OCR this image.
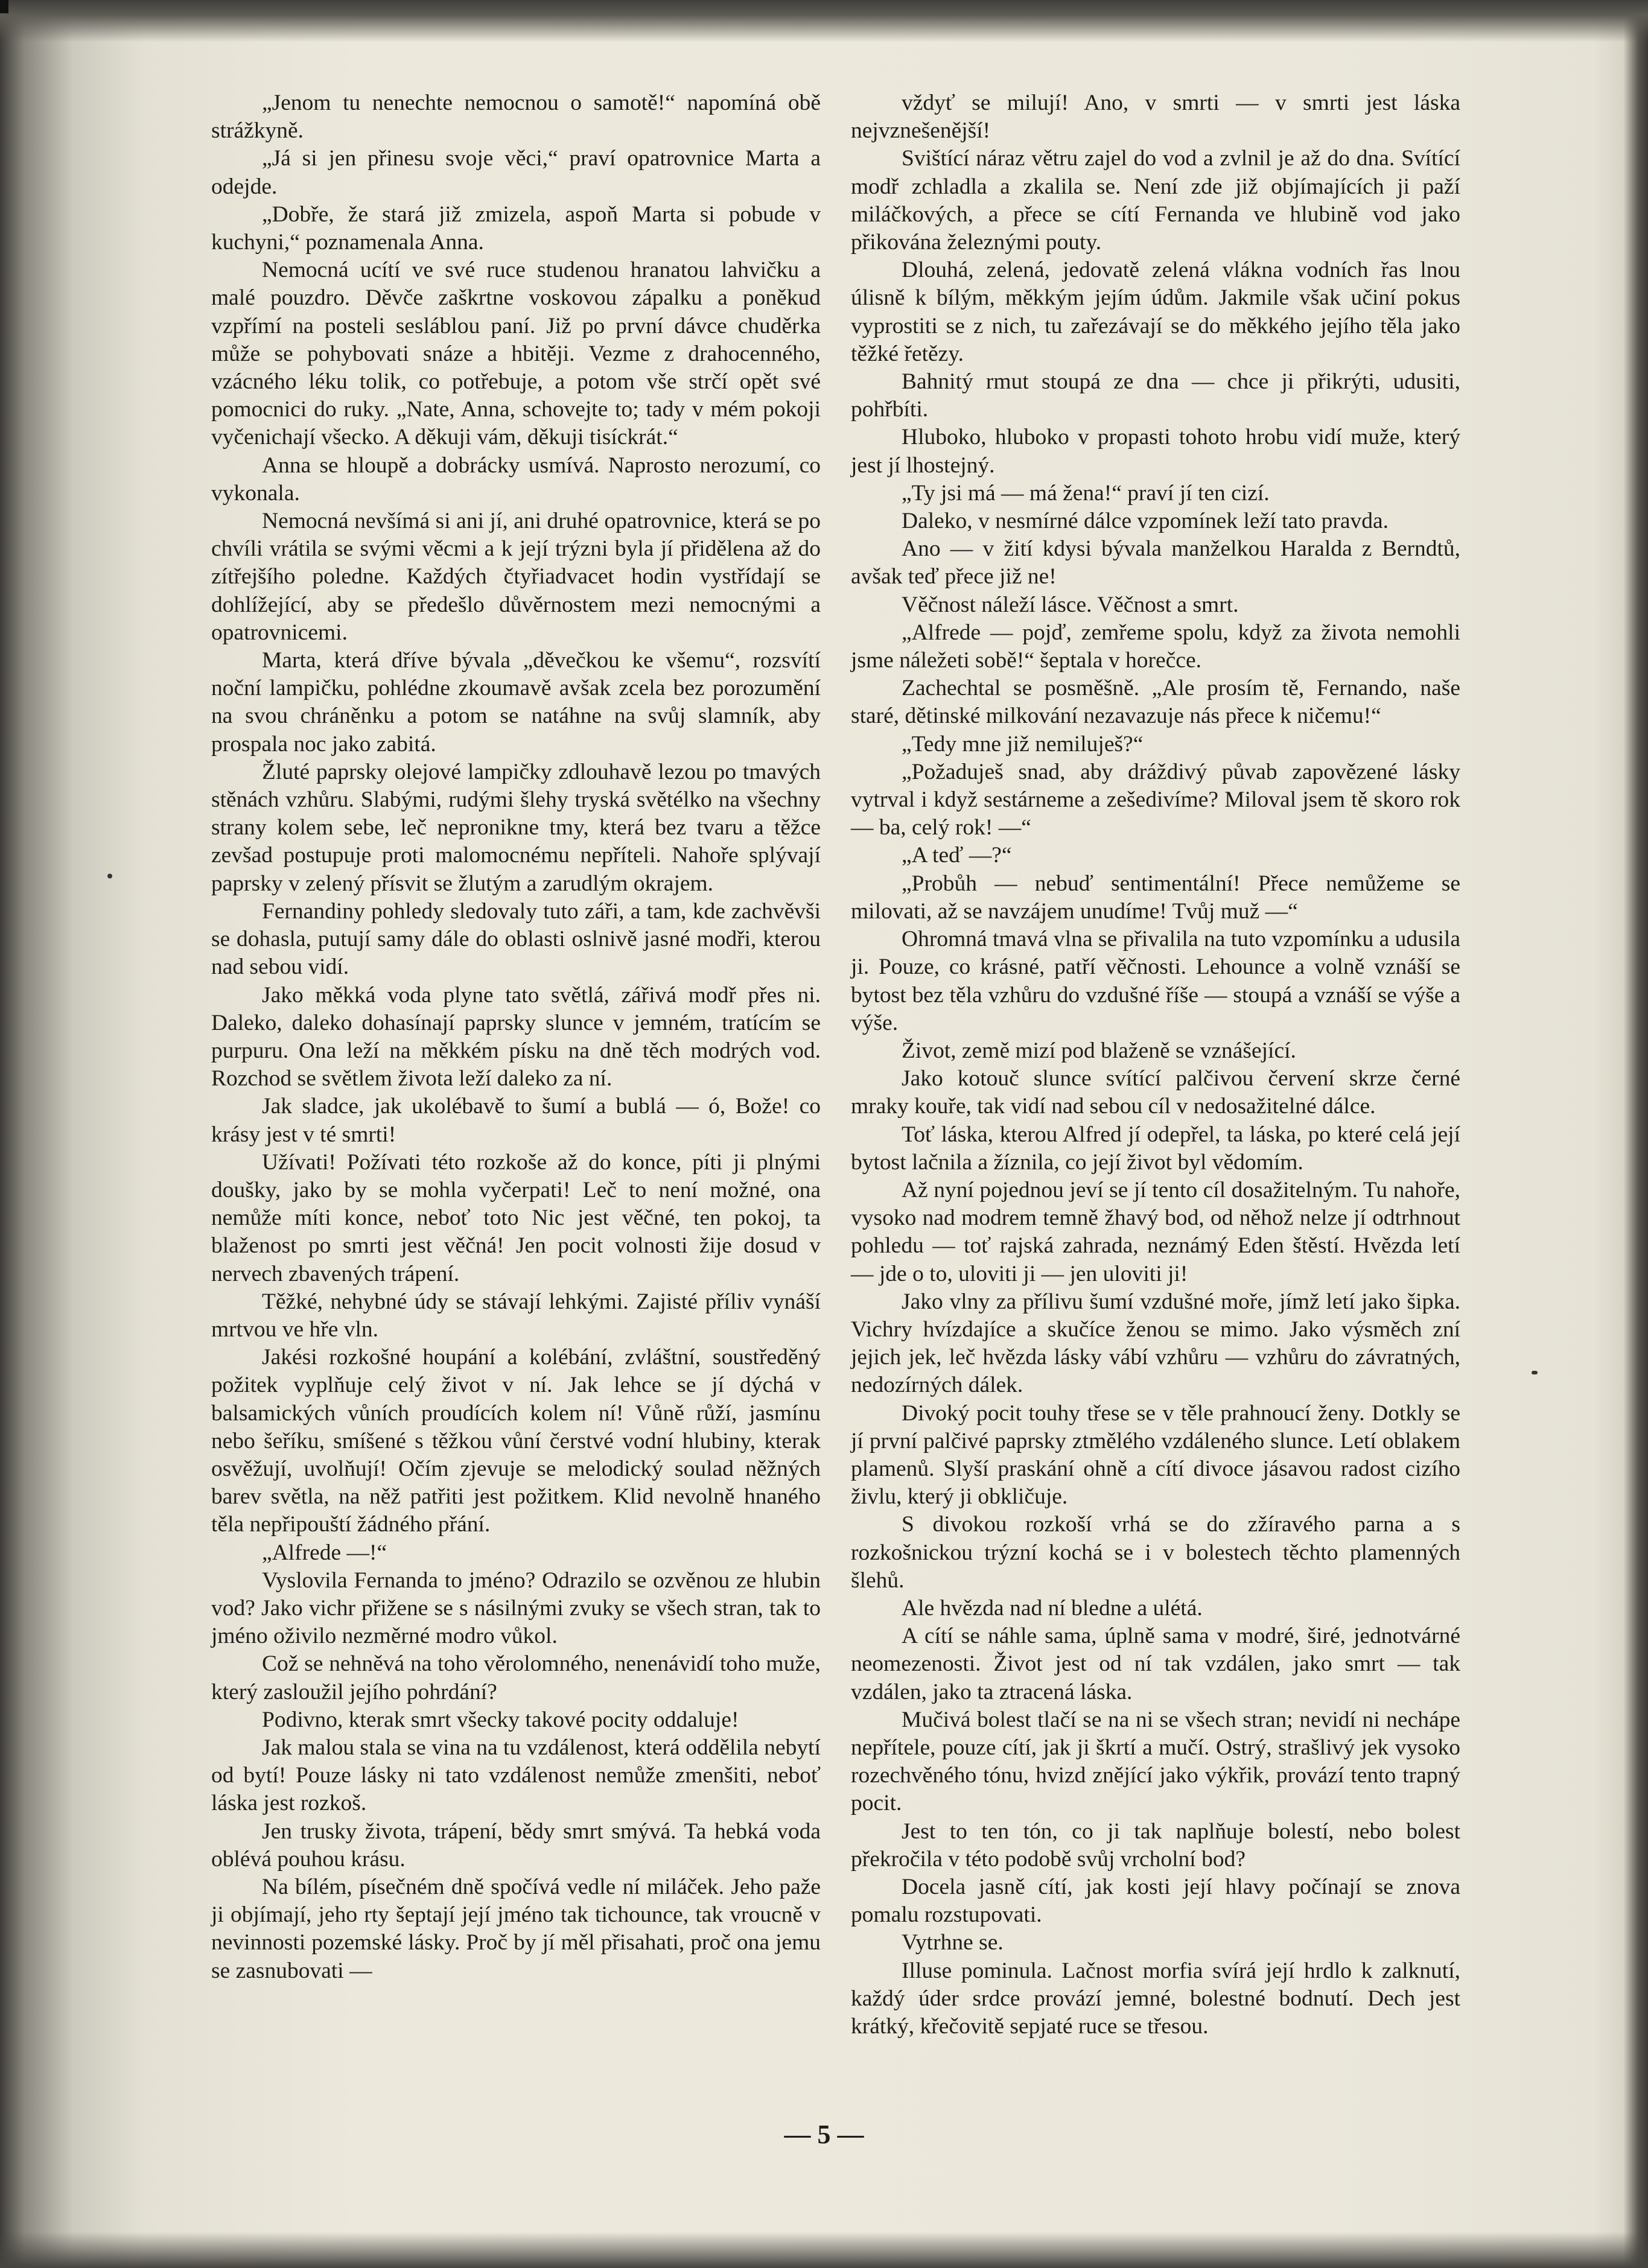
„Jenom tu nenechte nemocnou o samotě!“ napomíná obě strážkyně.

„Já si jen přinesu svoje věci,“ praví opatrovnice Marta a odejde.

„Dobře, že stará již zmizela, aspoň Marta si pobude v kuchyni,“ poznamenala Anna.

Nemocná ucítí ve své ruce studenou hranatou lahvičku a malé pouzdro. Děvče zaškrtne voskovou zápalku a poněkud vzpřímí na posteli sesláblou paní. Již po první dávce chuděrka může se pohybovati snáze a hbitěji. Vezme z drahocenného, vzácného léku tolik, co potřebuje, a potom vše strčí opět své pomocnici do ruky. „Nate, Anna, schovejte to; tady v mém pokoji vyčenichají všecko. A děkuji vám, děkuji tisíckrát.“

Anna se hloupě a dobrácky usmívá. Naprosto nerozumí, co vykonala.

Nemocná nevšímá si ani jí, ani druhé opatrovnice, která se po chvíli vrátila se svými věcmi a k její trýzni byla jí přidělena až do zítřejšího poledne. Každých čtyřiadvacet hodin vystřídají se dohlížející, aby se předešlo důvěrnostem mezi nemocnými a opatrovnicemi.

Marta, která dříve bývala „děvečkou ke všemu“, rozsvítí noční lampičku, pohlédne zkoumavě avšak zcela bez porozumění na svou chráněnku a potom se natáhne na svůj slamník, aby prospala noc jako zabitá.

Žluté paprsky olejové lampičky zdlouhavě lezou po tmavých stěnách vzhůru. Slabými, rudými šlehy tryská světélko na všechny strany kolem sebe, leč nepronikne tmy, která bez tvaru a těžce zevšad postupuje proti malomocnému nepříteli. Nahoře splývají paprsky v zelený přísvit se žlutým a zarudlým okrajem.

Fernandiny pohledy sledovaly tuto záři, a tam, kde zachvěvši se dohasla, putují samy dále do oblasti oslnivě jasné modři, kterou nad sebou vidí.

Jako měkká voda plyne tato světlá, zářivá modř přes ni. Daleko, daleko dohasínají paprsky slunce v jemném, tratícím se purpuru. Ona leží na měkkém písku na dně těch modrých vod. Rozchod se světlem života leží daleko za ní.

Jak sladce, jak ukolébavě to šumí a bublá — ó, Bože! co krásy jest v té smrti!

Užívati! Požívati této rozkoše až do konce, píti ji plnými doušky, jako by se mohla vyčerpati! Leč to není možné, ona nemůže míti konce, neboť toto Nic jest věčné, ten pokoj, ta blaženost po smrti jest věčná! Jen pocit volnosti žije dosud v nervech zbavených trápení.

Těžké, nehybné údy se stávají lehkými. Zajisté příliv vynáší mrtvou ve hře vln.

Jakési rozkošné houpání a kolébání, zvláštní, soustředěný požitek vyplňuje celý život v ní. Jak lehce se jí dýchá v balsamických vůních proudících kolem ní! Vůně růží, jasmínu nebo šeříku, smíšené s těžkou vůní čerstvé vodní hlubiny, kterak osvěžují, uvolňují! Očím zjevuje se melodický soulad něžných barev světla, na něž patřiti jest požitkem. Klid nevolně hnaného těla nepřipouští žádného přání.

„Alfrede —!“

Vyslovila Fernanda to jméno? Odrazilo se ozvěnou ze hlubin vod? Jako vichr přižene se s násilnými zvuky se všech stran, tak to jméno oživilo nezměrné modro vůkol.

Což se nehněvá na toho věrolomného, nenenávidí toho muže, který zasloužil jejího pohrdání?

Podivno, kterak smrt všecky takové pocity oddaluje!

Jak malou stala se vina na tu vzdálenost, která oddělila nebytí od bytí! Pouze lásky ni tato vzdálenost nemůže zmenšiti, neboť láska jest rozkoš.

Jen trusky života, trápení, bědy smrt smývá. Ta hebká voda oblévá pouhou krásu.

Na bílém, písečném dně spočívá vedle ní miláček. Jeho paže ji objímají, jeho rty šeptají její jméno tak tichounce, tak vroucně v nevinnosti pozemské lásky. Proč by jí měl přisahati, proč ona jemu se zasnubovati —

vždyť se milují! Ano, v smrti — v smrti jest láska nejvznešenější!

Svištící náraz větru zajel do vod a zvlnil je až do dna. Svítící modř zchladla a zkalila se. Není zde již objímajících ji paží miláčkových, a přece se cítí Fernanda ve hlubině vod jako přikována železnými pouty.

Dlouhá, zelená, jedovatě zelená vlákna vodních řas lnou úlisně k bílým, měkkým jejím údům. Jakmile však učiní pokus vyprostiti se z nich, tu zařezávají se do měkkého jejího těla jako těžké řetězy.

Bahnitý rmut stoupá ze dna — chce ji přikrýti, udusiti, pohřbíti.

Hluboko, hluboko v propasti tohoto hrobu vidí muže, který jest jí lhostejný.

„Ty jsi má — má žena!“ praví jí ten cizí.

Daleko, v nesmírné dálce vzpomínek leží tato pravda.

Ano — v žití kdysi bývala manželkou Haralda z Berndtů, avšak teď přece již ne!

Věčnost náleží lásce. Věčnost a smrt.

„Alfrede — pojď, zemřeme spolu, když za života nemohli jsme náležeti sobě!“ šeptala v horečce.

Zachechtal se posměšně. „Ale prosím tě, Fernando, naše staré, dětinské milkování nezavazuje nás přece k ničemu!“

„Tedy mne již nemiluješ?“

„Požaduješ snad, aby dráždivý půvab zapovězené lásky vytrval i když sestárneme a zešedivíme? Miloval jsem tě skoro rok — ba, celý rok! —“

„A teď —?“

„Probůh — nebuď sentimentální! Přece nemůžeme se milovati, až se navzájem unudíme! Tvůj muž —“

Ohromná tmavá vlna se přivalila na tuto vzpomínku a udusila ji. Pouze, co krásné, patří věčnosti. Lehounce a volně vznáší se bytost bez těla vzhůru do vzdušné říše — stoupá a vznáší se výše a výše.

Život, země mizí pod blaženě se vznášející.

Jako kotouč slunce svítící palčivou červení skrze černé mraky kouře, tak vidí nad sebou cíl v nedosažitelné dálce.

Toť láska, kterou Alfred jí odepřel, ta láska, po které celá její bytost lačnila a žíznila, co její život byl vědomím.

Až nyní pojednou jeví se jí tento cíl dosažitelným. Tu nahoře, vysoko nad modrem temně žhavý bod, od něhož nelze jí odtrhnout pohledu — toť rajská zahrada, neznámý Eden štěstí. Hvězda letí — jde o to, uloviti ji — jen uloviti ji!

Jako vlny za přílivu šumí vzdušné moře, jímž letí jako šipka. Vichry hvízdajíce a skučíce ženou se mimo. Jako výsměch zní jejich jek, leč hvězda lásky vábí vzhůru — vzhůru do závratných, nedozírných dálek.

Divoký pocit touhy třese se v těle prahnoucí ženy. Dotkly se jí první palčivé paprsky ztmělého vzdáleného slunce. Letí oblakem plamenů. Slyší praskání ohně a cítí divoce jásavou radost cizího živlu, který ji obkličuje.

S divokou rozkoší vrhá se do zžíravého parna a s rozkošnickou trýzní kochá se i v bolestech těchto plamenných šlehů.

Ale hvězda nad ní bledne a ulétá.

A cítí se náhle sama, úplně sama v modré, širé, jednotvárné neomezenosti. Život jest od ní tak vzdálen, jako smrt — tak vzdálen, jako ta ztracená láska.

Mučivá bolest tlačí se na ni se všech stran; nevidí ni nechápe nepřítele, pouze cítí, jak ji škrtí a mučí. Ostrý, strašlivý jek vysoko rozechvěného tónu, hvizd znějící jako výkřik, provází tento trapný pocit.

Jest to ten tón, co ji tak naplňuje bolestí, nebo bolest překročila v této podobě svůj vrcholní bod?

Docela jasně cítí, jak kosti její hlavy počínají se znova pomalu rozstupovati.

Vytrhne se.

Illuse pominula. Lačnost morfia svírá její hrdlo k zalknutí, každý úder srdce provází jemné, bolestné bodnutí. Dech jest krátký, křečovitě sepjaté ruce se třesou.

— 5 —
